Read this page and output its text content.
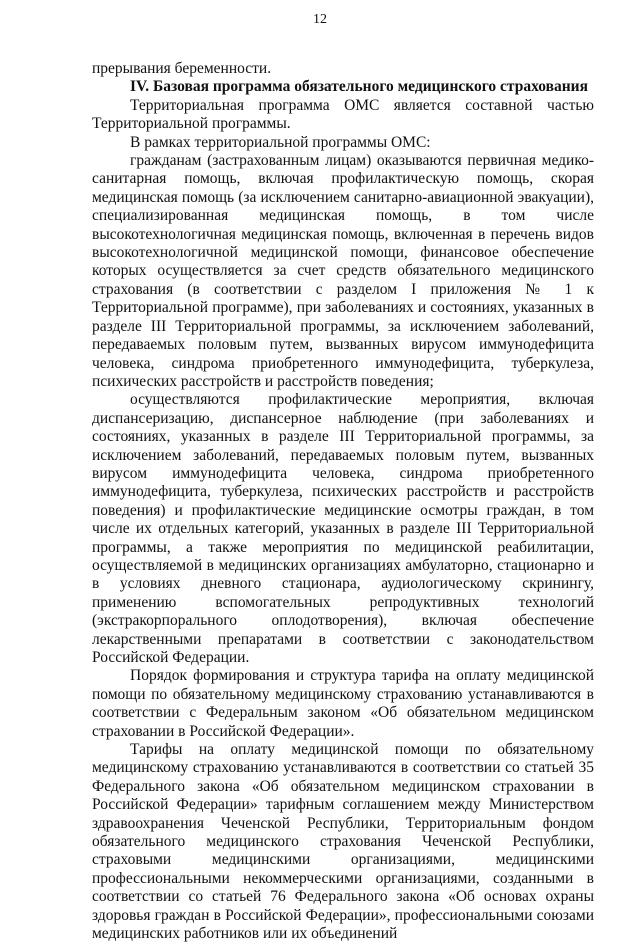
12

прерывания беременности.

IV. Базовая программа обязательного медицинского страхования

Территориальная программа ОМС является составной частью Территориальной программы.

В рамках территориальной программы ОМС:

гражданам (застрахованным лицам) оказываются первичная медико-санитарная помощь, включая профилактическую помощь, скорая медицинская помощь (за исключением санитарно-авиационной эвакуации), специализированная медицинская помощь, в том числе высокотехнологичная медицинская помощь, включенная в перечень видов высокотехнологичной медицинской помощи, финансовое обеспечение которых осуществляется за счет средств обязательного медицинского страхования (в соответствии с разделом I приложения № 1 к Территориальной программе), при заболеваниях и состояниях, указанных в разделе III Территориальной программы, за исключением заболеваний, передаваемых половым путем, вызванных вирусом иммунодефицита человека, синдрома приобретенного иммунодефицита, туберкулеза, психических расстройств и расстройств поведения;

осуществляются профилактические мероприятия, включая диспансеризацию, диспансерное наблюдение (при заболеваниях и состояниях, указанных в разделе III Территориальной программы, за исключением заболеваний, передаваемых половым путем, вызванных вирусом иммунодефицита человека, синдрома приобретенного иммунодефицита, туберкулеза, психических расстройств и расстройств поведения) и профилактические медицинские осмотры граждан, в том числе их отдельных категорий, указанных в разделе III Территориальной программы, а также мероприятия по медицинской реабилитации, осуществляемой в медицинских организациях амбулаторно, стационарно и в условиях дневного стационара, аудиологическому скринингу, применению вспомогательных репродуктивных технологий (экстракорпорального оплодотворения), включая обеспечение лекарственными препаратами в соответствии с законодательством Российской Федерации.

Порядок формирования и структура тарифа на оплату медицинской помощи по обязательному медицинскому страхованию устанавливаются в соответствии с Федеральным законом «Об обязательном медицинском страховании в Российской Федерации».

Тарифы на оплату медицинской помощи по обязательному медицинскому страхованию устанавливаются в соответствии со статьей 35 Федерального закона «Об обязательном медицинском страховании в Российской Федерации» тарифным соглашением между Министерством здравоохранения Чеченской Республики, Территориальным фондом обязательного медицинского страхования Чеченской Республики, страховыми медицинскими организациями, медицинскими профессиональными некоммерческими организациями, созданными в соответствии со статьей 76 Федерального закона «Об основах охраны здоровья граждан в Российской Федерации», профессиональными союзами медицинских работников или их объединений
